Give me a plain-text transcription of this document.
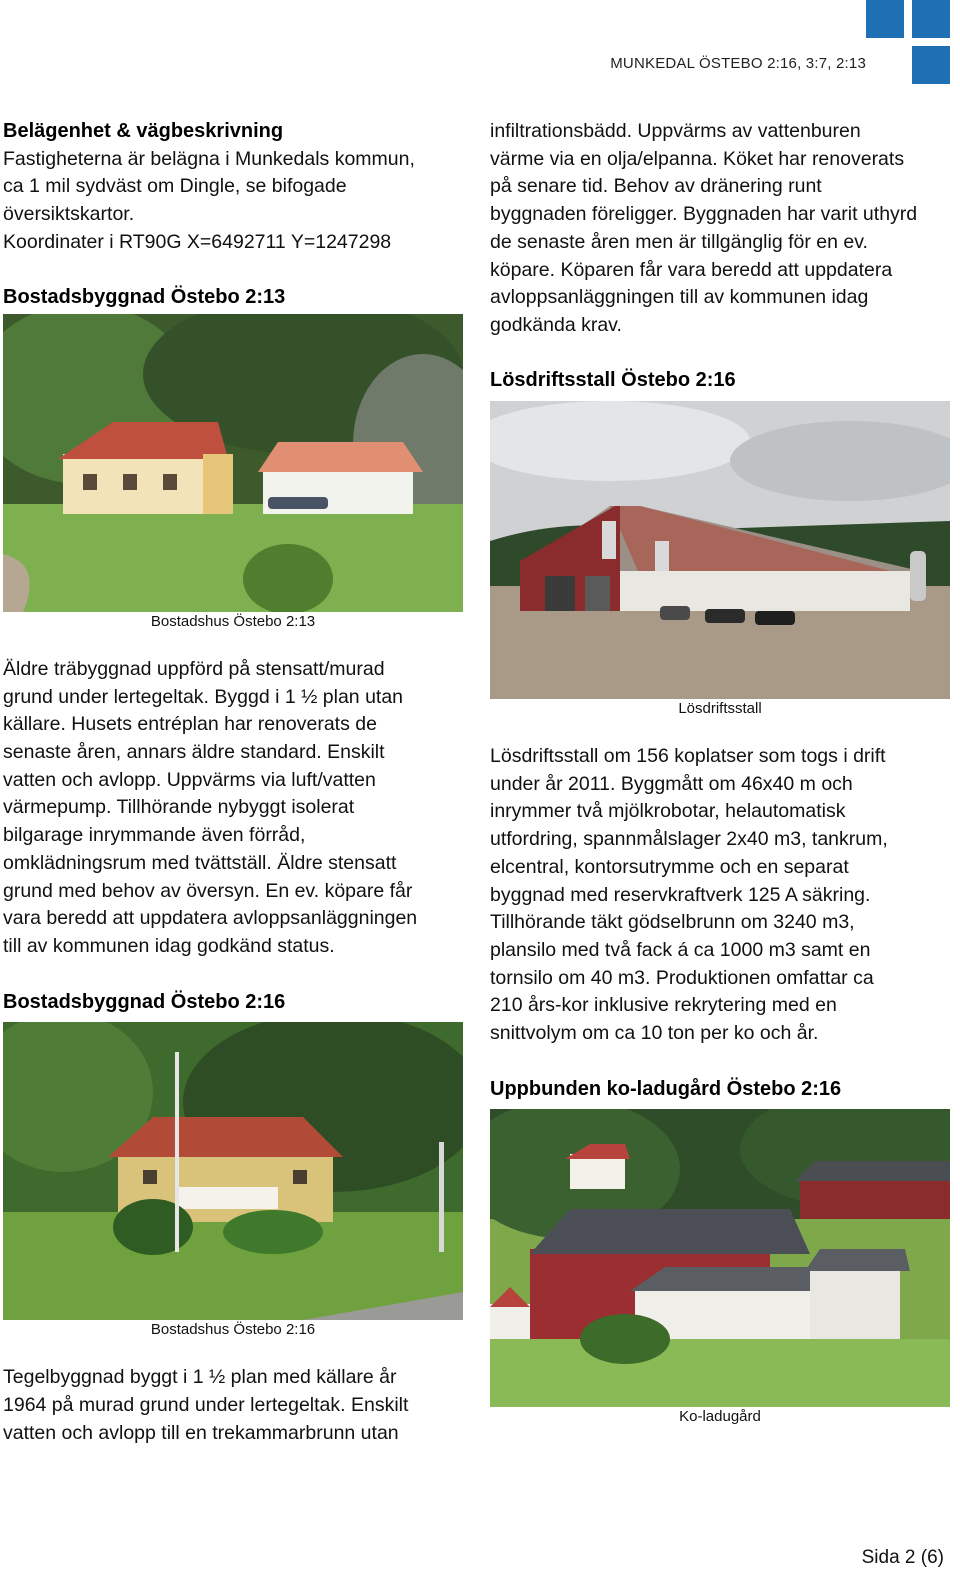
MUNKEDAL ÖSTEBO 2:16, 3:7, 2:13
Belägenhet & vägbeskrivning
Fastigheterna är belägna i Munkedals kommun,
ca 1 mil sydväst om Dingle, se bifogade
översiktskartor.
Koordinater i RT90G X=6492711 Y=1247298
Bostadsbyggnad Östebo 2:13
Bostadshus Östebo 2:13
Äldre träbyggnad uppförd på stensatt/murad
grund under lertegeltak. Byggd i 1 ½ plan utan
källare. Husets entréplan har renoverats de
senaste åren, annars äldre standard. Enskilt
vatten och avlopp. Uppvärms via luft/vatten
värmepump. Tillhörande nybyggt isolerat
bilgarage inrymmande även förråd,
omklädningsrum med tvättställ. Äldre stensatt
grund med behov av översyn. En ev. köpare får
vara beredd att uppdatera avloppsanläggningen
till av kommunen idag godkänd status.
Bostadsbyggnad Östebo 2:16
Bostadshus Östebo 2:16
Tegelbyggnad byggt i 1 ½ plan med källare år
1964 på murad grund under lertegeltak. Enskilt
vatten och avlopp till en trekammarbrunn utan
infiltrationsbädd. Uppvärms av vattenburen
värme via en olja/elpanna. Köket har renoverats
på senare tid. Behov av dränering runt
byggnaden föreligger. Byggnaden har varit uthyrd
de senaste åren men är tillgänglig för en ev.
köpare. Köparen får vara beredd att uppdatera
avloppsanläggningen till av kommunen idag
godkända krav.
Lösdriftsstall Östebo 2:16
Lösdriftsstall
Lösdriftsstall om 156 koplatser som togs i drift
under år 2011. Byggmått om 46x40 m och
inrymmer två mjölkrobotar, helautomatisk
utfordring, spannmålslager 2x40 m3, tankrum,
elcentral, kontorsutrymme och en separat
byggnad med reservkraftverk 125 A säkring.
Tillhörande täkt gödselbrunn om 3240 m3,
plansilo med två fack á ca 1000 m3 samt en
tornsilo om 40 m3. Produktionen omfattar ca
210 års-kor inklusive rekrytering med en
snittvolym om ca 10 ton per ko och år.
Uppbunden ko-ladugård Östebo 2:16
Ko-ladugård
Sida 2 (6)
